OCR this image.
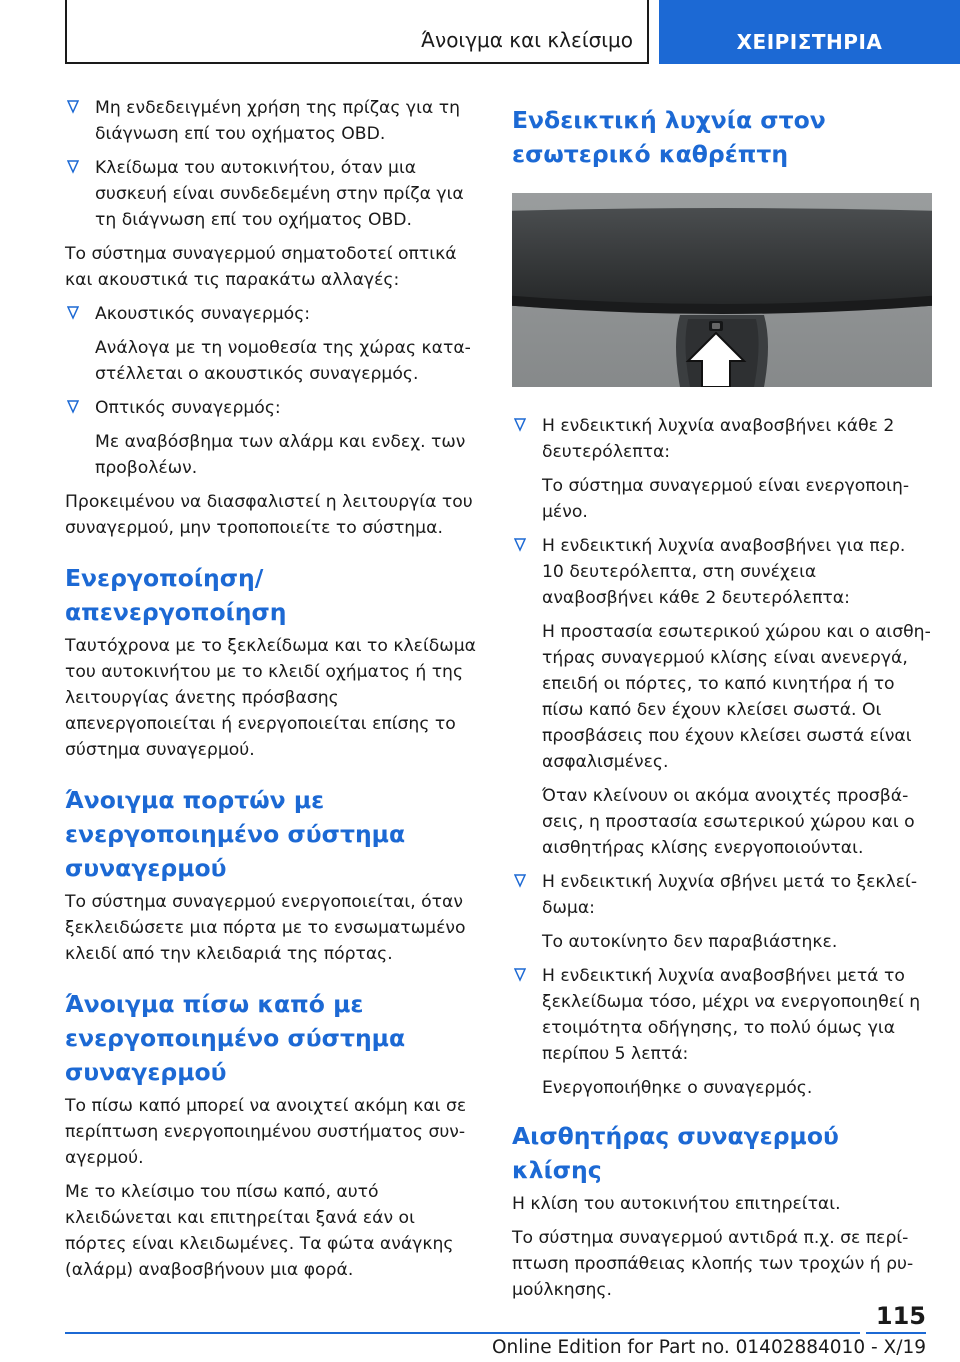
Άνοιγμα και κλείσιμο	ΧΕΙΡΙΣΤΗΡΙΑ

Μη ενδεδειγμένη χρήση της πρίζας για τη διάγνωση επί του οχήματος OBD.

Κλείδωμα του αυτοκινήτου, όταν μια συσκευή είναι συνδεδεμένη στην πρίζα για τη διάγνωση επί του οχήματος OBD.

Το σύστημα συναγερμού σηματοδοτεί οπτικά και ακουστικά τις παρακάτω αλλαγές:

Ακουστικός συναγερμός:

Ανάλογα με τη νομοθεσία της χώρας καταστέλλεται ο ακουστικός συναγερμός.

Οπτικός συναγερμός:

Με αναβόσβημα των αλάρμ και ενδεχ. των προβολέων.

Προκειμένου να διασφαλιστεί η λειτουργία του συναγερμού, μην τροποποιείτε το σύστημα.

Ενεργοποίηση/απενεργοποίηση

Ταυτόχρονα με το ξεκλείδωμα και το κλείδωμα του αυτοκινήτου με το κλειδί οχήματος ή της λειτουργίας άνετης πρόσβασης απενεργοποιείται ή ενεργοποιείται επίσης το σύστημα συναγερμού.

Άνοιγμα πορτών με ενεργοποιημένο σύστημα συναγερμού

Το σύστημα συναγερμού ενεργοποιείται, όταν ξεκλειδώσετε μια πόρτα με το ενσωματωμένο κλειδί από την κλειδαριά της πόρτας.

Άνοιγμα πίσω καπό με ενεργοποιημένο σύστημα συναγερμού

Το πίσω καπό μπορεί να ανοιχτεί ακόμη και σε περίπτωση ενεργοποιημένου συστήματος συναγερμού.

Με το κλείσιμο του πίσω καπό, αυτό κλειδώνεται και επιτηρείται ξανά εάν οι πόρτες είναι κλειδωμένες. Τα φώτα ανάγκης (αλάρμ) αναβοσβήνουν μια φορά.

Ενδεικτική λυχνία στον εσωτερικό καθρέπτη

Η ενδεικτική λυχνία αναβοσβήνει κάθε 2 δευτερόλεπτα:

Το σύστημα συναγερμού είναι ενεργοποιημένο.

Η ενδεικτική λυχνία αναβοσβήνει για περ. 10 δευτερόλεπτα, στη συνέχεια αναβοσβήνει κάθε 2 δευτερόλεπτα:

Η προστασία εσωτερικού χώρου και ο αισθητήρας συναγερμού κλίσης είναι ανενεργά, επειδή οι πόρτες, το καπό κινητήρα ή το πίσω καπό δεν έχουν κλείσει σωστά. Οι προσβάσεις που έχουν κλείσει σωστά είναι ασφαλισμένες.

Όταν κλείνουν οι ακόμα ανοιχτές προσβάσεις, η προστασία εσωτερικού χώρου και ο αισθητήρας κλίσης ενεργοποιούνται.

Η ενδεικτική λυχνία σβήνει μετά το ξεκλείδωμα:

Το αυτοκίνητο δεν παραβιάστηκε.

Η ενδεικτική λυχνία αναβοσβήνει μετά το ξεκλείδωμα τόσο, μέχρι να ενεργοποιηθεί η ετοιμότητα οδήγησης, το πολύ όμως για περίπου 5 λεπτά:

Ενεργοποιήθηκε ο συναγερμός.

Αισθητήρας συναγερμού κλίσης

Η κλίση του αυτοκινήτου επιτηρείται.

Το σύστημα συναγερμού αντιδρά π.χ. σε περίπτωση προσπάθειας κλοπής των τροχών ή ρυμούλκησης.

115
Online Edition for Part no. 01402884010 - X/19
